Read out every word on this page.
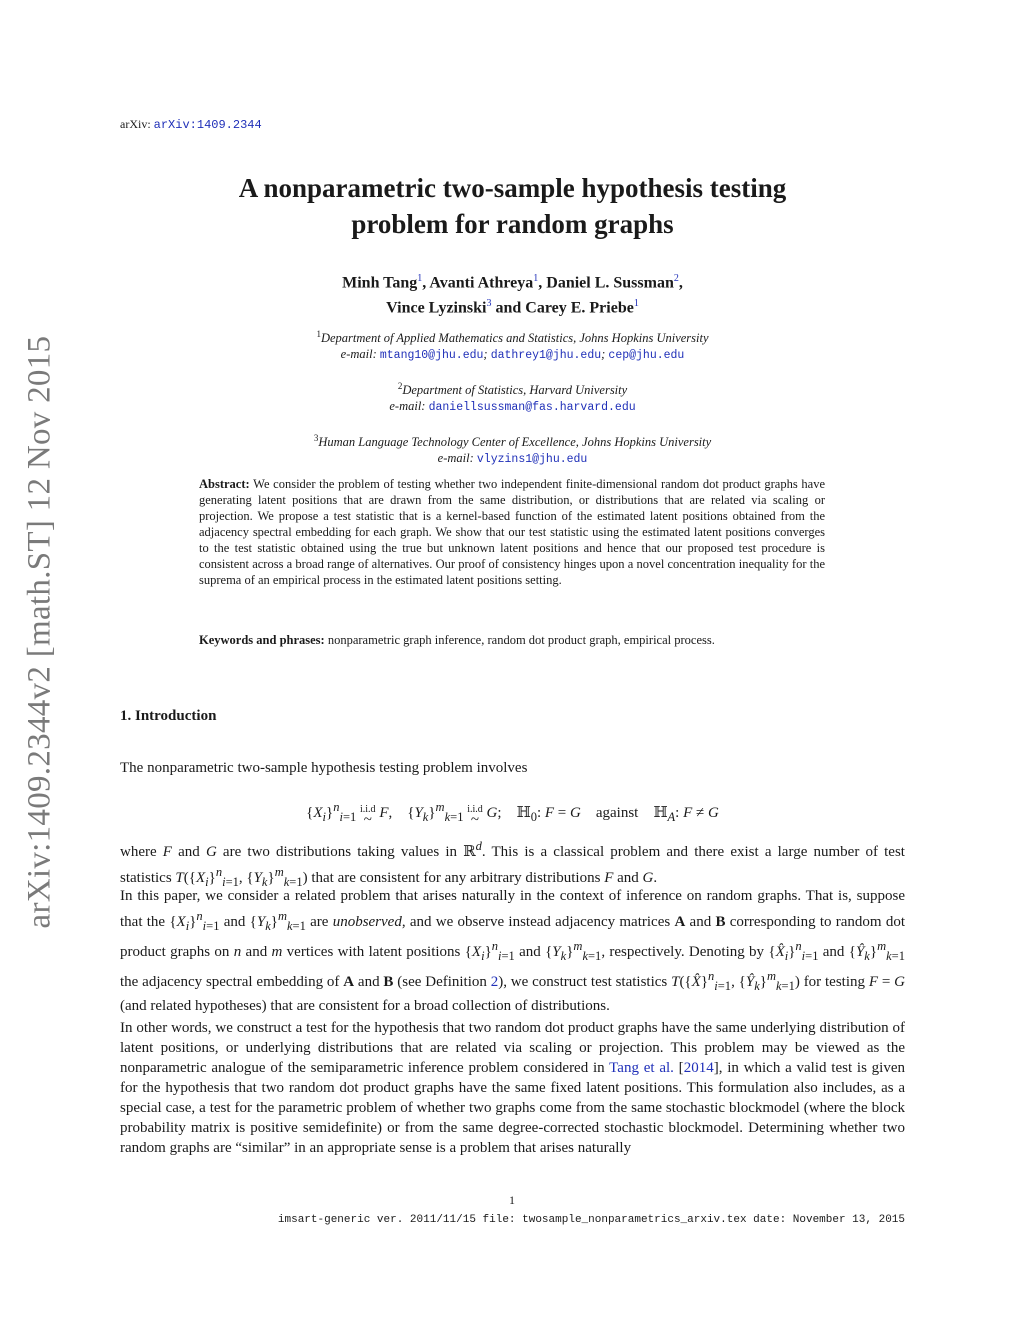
arXiv:1409.2344v2 [math.ST] 12 Nov 2015
arXiv: arXiv:1409.2344
A nonparametric two-sample hypothesis testing
problem for random graphs
Minh Tang$^1$, Avanti Athreya$^1$, Daniel L. Sussman$^2$,
Vince Lyzinski$^3$ and Carey E. Priebe$^1$
$^1$Department of Applied Mathematics and Statistics, Johns Hopkins University
e-mail: mtang10@jhu.edu; dathrey1@jhu.edu; cep@jhu.edu
$^2$Department of Statistics, Harvard University
e-mail: daniellsussman@fas.harvard.edu
$^3$Human Language Technology Center of Excellence, Johns Hopkins University
e-mail: vlyzins1@jhu.edu
Abstract: We consider the problem of testing whether two independent finite-dimensional random dot product graphs have generating latent positions that are drawn from the same distribution, or distributions that are related via scaling or projection. We propose a test statistic that is a kernel-based function of the estimated latent positions obtained from the adjacency spectral embedding for each graph. We show that our test statistic using the estimated latent positions converges to the test statistic obtained using the true but unknown latent positions and hence that our proposed test procedure is consistent across a broad range of alternatives. Our proof of consistency hinges upon a novel concentration inequality for the suprema of an empirical process in the estimated latent positions setting.
Keywords and phrases: nonparametric graph inference, random dot product graph, empirical process.
1. Introduction
The nonparametric two-sample hypothesis testing problem involves
$\{X_i\}^n_{i=1}$ i.i.d
~ F,    $\{Y_k\}^m_{k=1}$ i.i.d
~ G;    ℍ$_0$: F = G    against    ℍ$_A$: F ≠ G
where F and G are two distributions taking values in ℝ$^d$. This is a classical problem and there exist a large number of test statistics $T(\{X_i\}^n_{i=1}$, $\{Y_k\}^m_{k=1}$) that are consistent for any arbitrary distributions F and G.
In this paper, we consider a related problem that arises naturally in the context of inference on random graphs. That is, suppose that the $\{X_i\}^n_{i=1}$ and $\{Y_k\}^m_{k=1}$ are unobserved, and we observe instead adjacency matrices A and B corresponding to random dot product graphs on n and m vertices with latent positions $\{X_i\}^n_{i=1}$ and $\{Y_k\}^m_{k=1}$, respectively. Denoting by $\{X̂_i\}^n_{i=1}$ and $\{Ŷ_k\}^m_{k=1}$ the adjacency spectral embedding of A and B (see Definition 2), we construct test statistics T({X̂}$^n_{i=1}$, $\{Ŷ_k\}^m_{k=1}$) for testing F = G (and related hypotheses) that are consistent for a broad collection of distributions.
In other words, we construct a test for the hypothesis that two random dot product graphs have the same underlying distribution of latent positions, or underlying distributions that are related via scaling or projection. This problem may be viewed as the nonparametric analogue of the semiparametric inference problem considered in Tang et al. [2014], in which a valid test is given for the hypothesis that two random dot product graphs have the same fixed latent positions. This formulation also includes, as a special case, a test for the parametric problem of whether two graphs come from the same stochastic blockmodel (where the block probability matrix is positive semidefinite) or from the same degree-corrected stochastic blockmodel. Determining whether two random graphs are “similar” in an appropriate sense is a problem that arises naturally
1
imsart-generic ver. 2011/11/15 file: twosample_nonparametrics_arxiv.tex date: November 13, 2015
